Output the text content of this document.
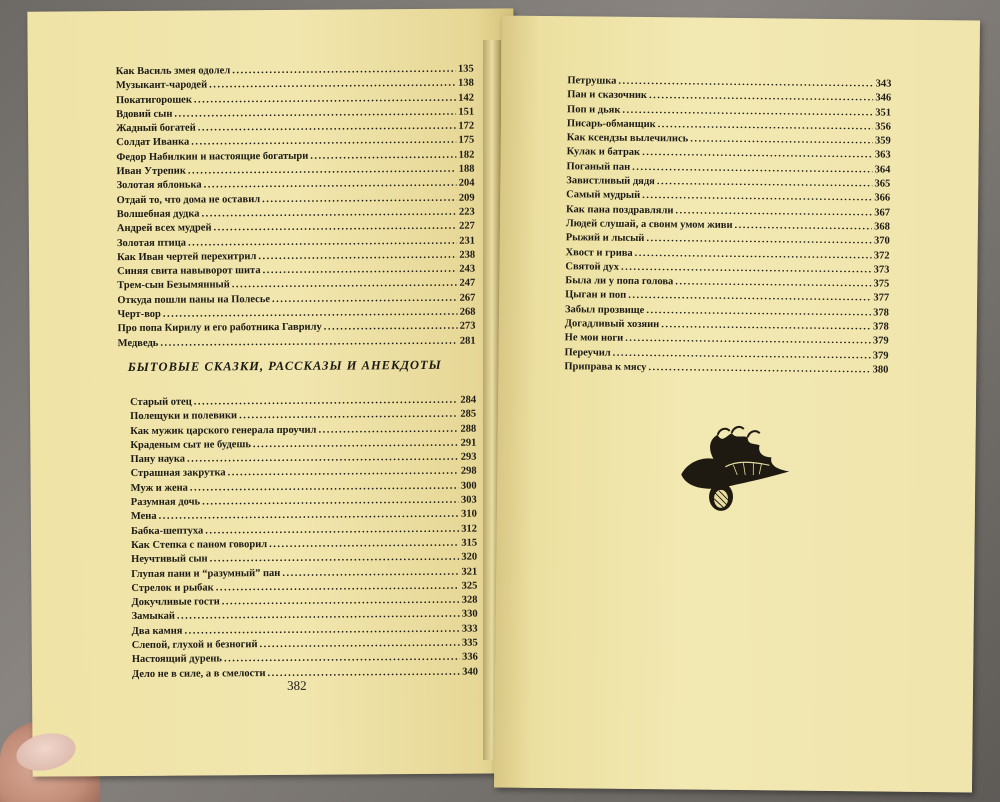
Как Василь змея одолел .....	135
Музыкант-чародей .....	138
Покатигорошек .....	142
Вдовий сын .....	151
Жадный богатей .....	172
Солдат Иванка .....	175
Федор Набилкин и настоящие богатыри .....	182
Иван Утрепик .....	188
Золотая яблонька .....	204
Отдай то, что дома не оставил .....	209
Волшебная дудка .....	223
Андрей всех мудрей .....	227
Золотая птица .....	231
Как Иван чертей перехитрил .....	238
Синяя свита навыворот шита .....	243
Трем-сын Безымянный .....	247
Откуда пошли паны на Полесье .....	267
Черт-вор .....	268
Про попа Кирилу и его работника Гаврилу .....	273
Медведь .....	281
БЫТОВЫЕ СКАЗКИ, РАССКАЗЫ И АНЕКДОТЫ
Старый отец .....	284
Полещуки и полевики .....	285
Как мужик царского генерала проучил .....	288
Краденым сыт не будешь .....	291
Пану наука .....	293
Страшная закрутка .....	298
Муж и жена .....	300
Разумная дочь .....	303
Мена .....	310
Бабка-шептуха .....	312
Как Степка с паном говорил .....	315
Неучтивый сын .....	320
Глупая пани и “разумный” пан .....	321
Стрелок и рыбак .....	325
Докучливые гости .....	328
Замыкай .....	330
Два камня .....	333
Слепой, глухой и безногий .....	335
Настоящий дурень .....	336
Дело не в силе, а в смелости .....	340
382
Петрушка .....	343
Пан и сказочник .....	346
Поп и дьяк .....	351
Писарь-обманщик .....	356
Как ксендзы вылечились .....	359
Кулак и батрак .....	363
Поганый пан .....	364
Завистливый дядя .....	365
Самый мудрый .....	366
Как пана поздравляли .....	367
Людей слушай, а своим умом живи .....	368
Рыжий и лысый .....	370
Хвост и грива .....	372
Святой дух .....	373
Была ли у попа голова .....	375
Цыган и поп .....	377
Забыл прозвище .....	378
Догадливый хозяин .....	378
Не мои ноги .....	379
Переучил .....	379
Приправа к мясу .....	380
